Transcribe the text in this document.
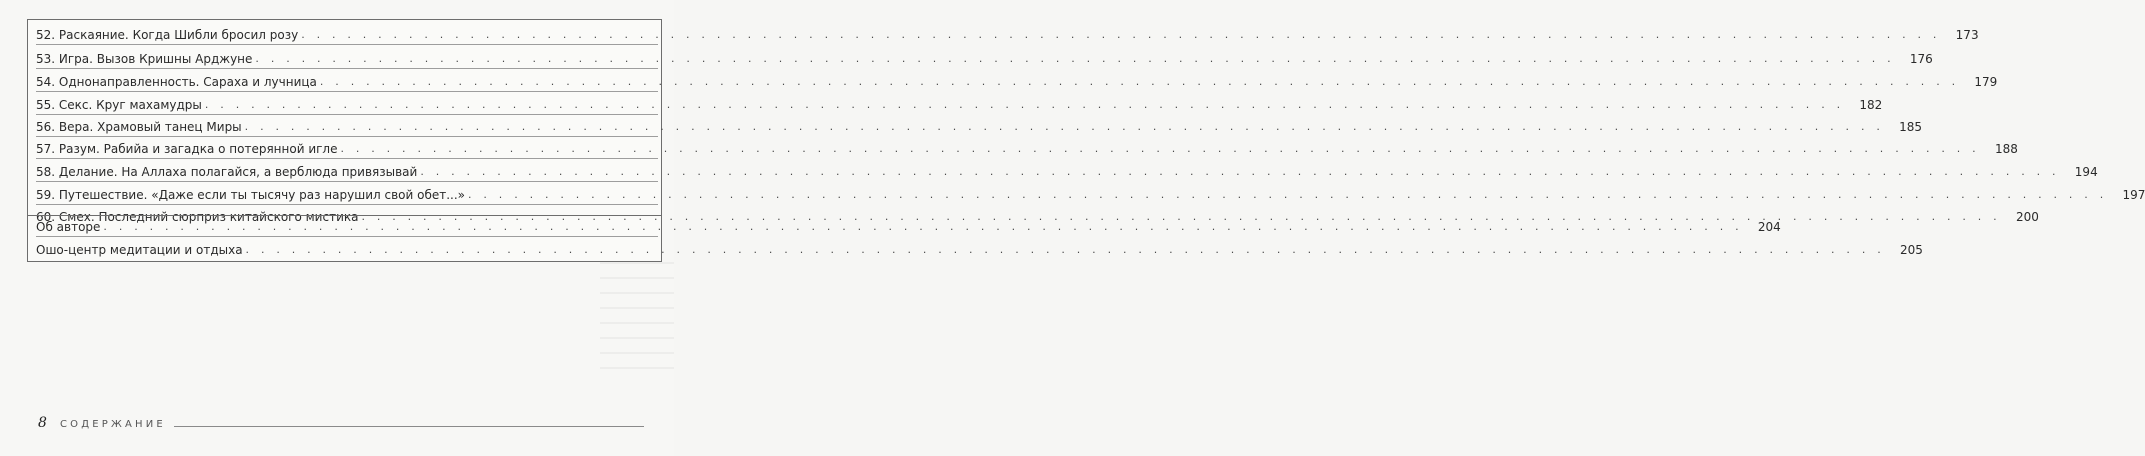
52. Раскаяние. Когда Шибли бросил розу . . . . . . . . . . . . . . . . . . . . . . . . . . . . . . . . . . . . . . . . . . . . . . . . . . . . . . . . . . . . . . . . . . . . . . . . . . . . . . . . . . . . . . . . . . . . . . . . . . . . . . . . . . .	173
53. Игра. Вызов Кришны Арджуне . . . . . . . . . . . . . . . . . . . . . . . . . . . . . . . . . . . . . . . . . . . . . . . . . . . . . . . . . . . . . . . . . . . . . . . . . . . . . . . . . . . . . . . . . . . . . . . . . . . . . . . . . . .	176
54. Однонаправленность. Сараха и лучница . . . . . . . . . . . . . . . . . . . . . . . . . . . . . . . . . . . . . . . . . . . . . . . . . . . . . . . . . . . . . . . . . . . . . . . . . . . . . . . . . . . . . . . . . . . . . . . . . . . . . . . . . . .	179
55. Секс. Круг махамудры . . . . . . . . . . . . . . . . . . . . . . . . . . . . . . . . . . . . . . . . . . . . . . . . . . . . . . . . . . . . . . . . . . . . . . . . . . . . . . . . . . . . . . . . . . . . . . . . . . . . . . . . . . .	182
56. Вера. Храмовый танец Миры . . . . . . . . . . . . . . . . . . . . . . . . . . . . . . . . . . . . . . . . . . . . . . . . . . . . . . . . . . . . . . . . . . . . . . . . . . . . . . . . . . . . . . . . . . . . . . . . . . . . . . . . . . .	185
57. Разум. Рабийа и загадка о потерянной игле . . . . . . . . . . . . . . . . . . . . . . . . . . . . . . . . . . . . . . . . . . . . . . . . . . . . . . . . . . . . . . . . . . . . . . . . . . . . . . . . . . . . . . . . . . . . . . . . . . . . . . . . . . .	188
58. Делание. На Аллаха полагайся, а верблюда привязывай . . . . . . . . . . . . . . . . . . . . . . . . . . . . . . . . . . . . . . . . . . . . . . . . . . . . . . . . . . . . . . . . . . . . . . . . . . . . . . . . . . . . . . . . . . . . . . . . . . . . . . . . . . .	194
59. Путешествие. «Даже если ты тысячу раз нарушил свой обет...» . . . . . . . . . . . . . . . . . . . . . . . . . . . . . . . . . . . . . . . . . . . . . . . . . . . . . . . . . . . . . . . . . . . . . . . . . . . . . . . . . . . . . . . . . . . . . . . . . . . . . . . . . . .	197
60. Смех. Последний сюрприз китайского мистика . . . . . . . . . . . . . . . . . . . . . . . . . . . . . . . . . . . . . . . . . . . . . . . . . . . . . . . . . . . . . . . . . . . . . . . . . . . . . . . . . . . . . . . . . . . . . . . . . . . . . . . . . . .	200
Об авторе . . . . . . . . . . . . . . . . . . . . . . . . . . . . . . . . . . . . . . . . . . . . . . . . . . . . . . . . . . . . . . . . . . . . . . . . . . . . . . . . . . . . . . . . . . . . . . . . . . . . . . . . . . .	204
Ошо-центр медитации и отдыха . . . . . . . . . . . . . . . . . . . . . . . . . . . . . . . . . . . . . . . . . . . . . . . . . . . . . . . . . . . . . . . . . . . . . . . . . . . . . . . . . . . . . . . . . . . . . . . . . . . . . . . . . . .	205
8 СОДЕРЖАНИЕ
